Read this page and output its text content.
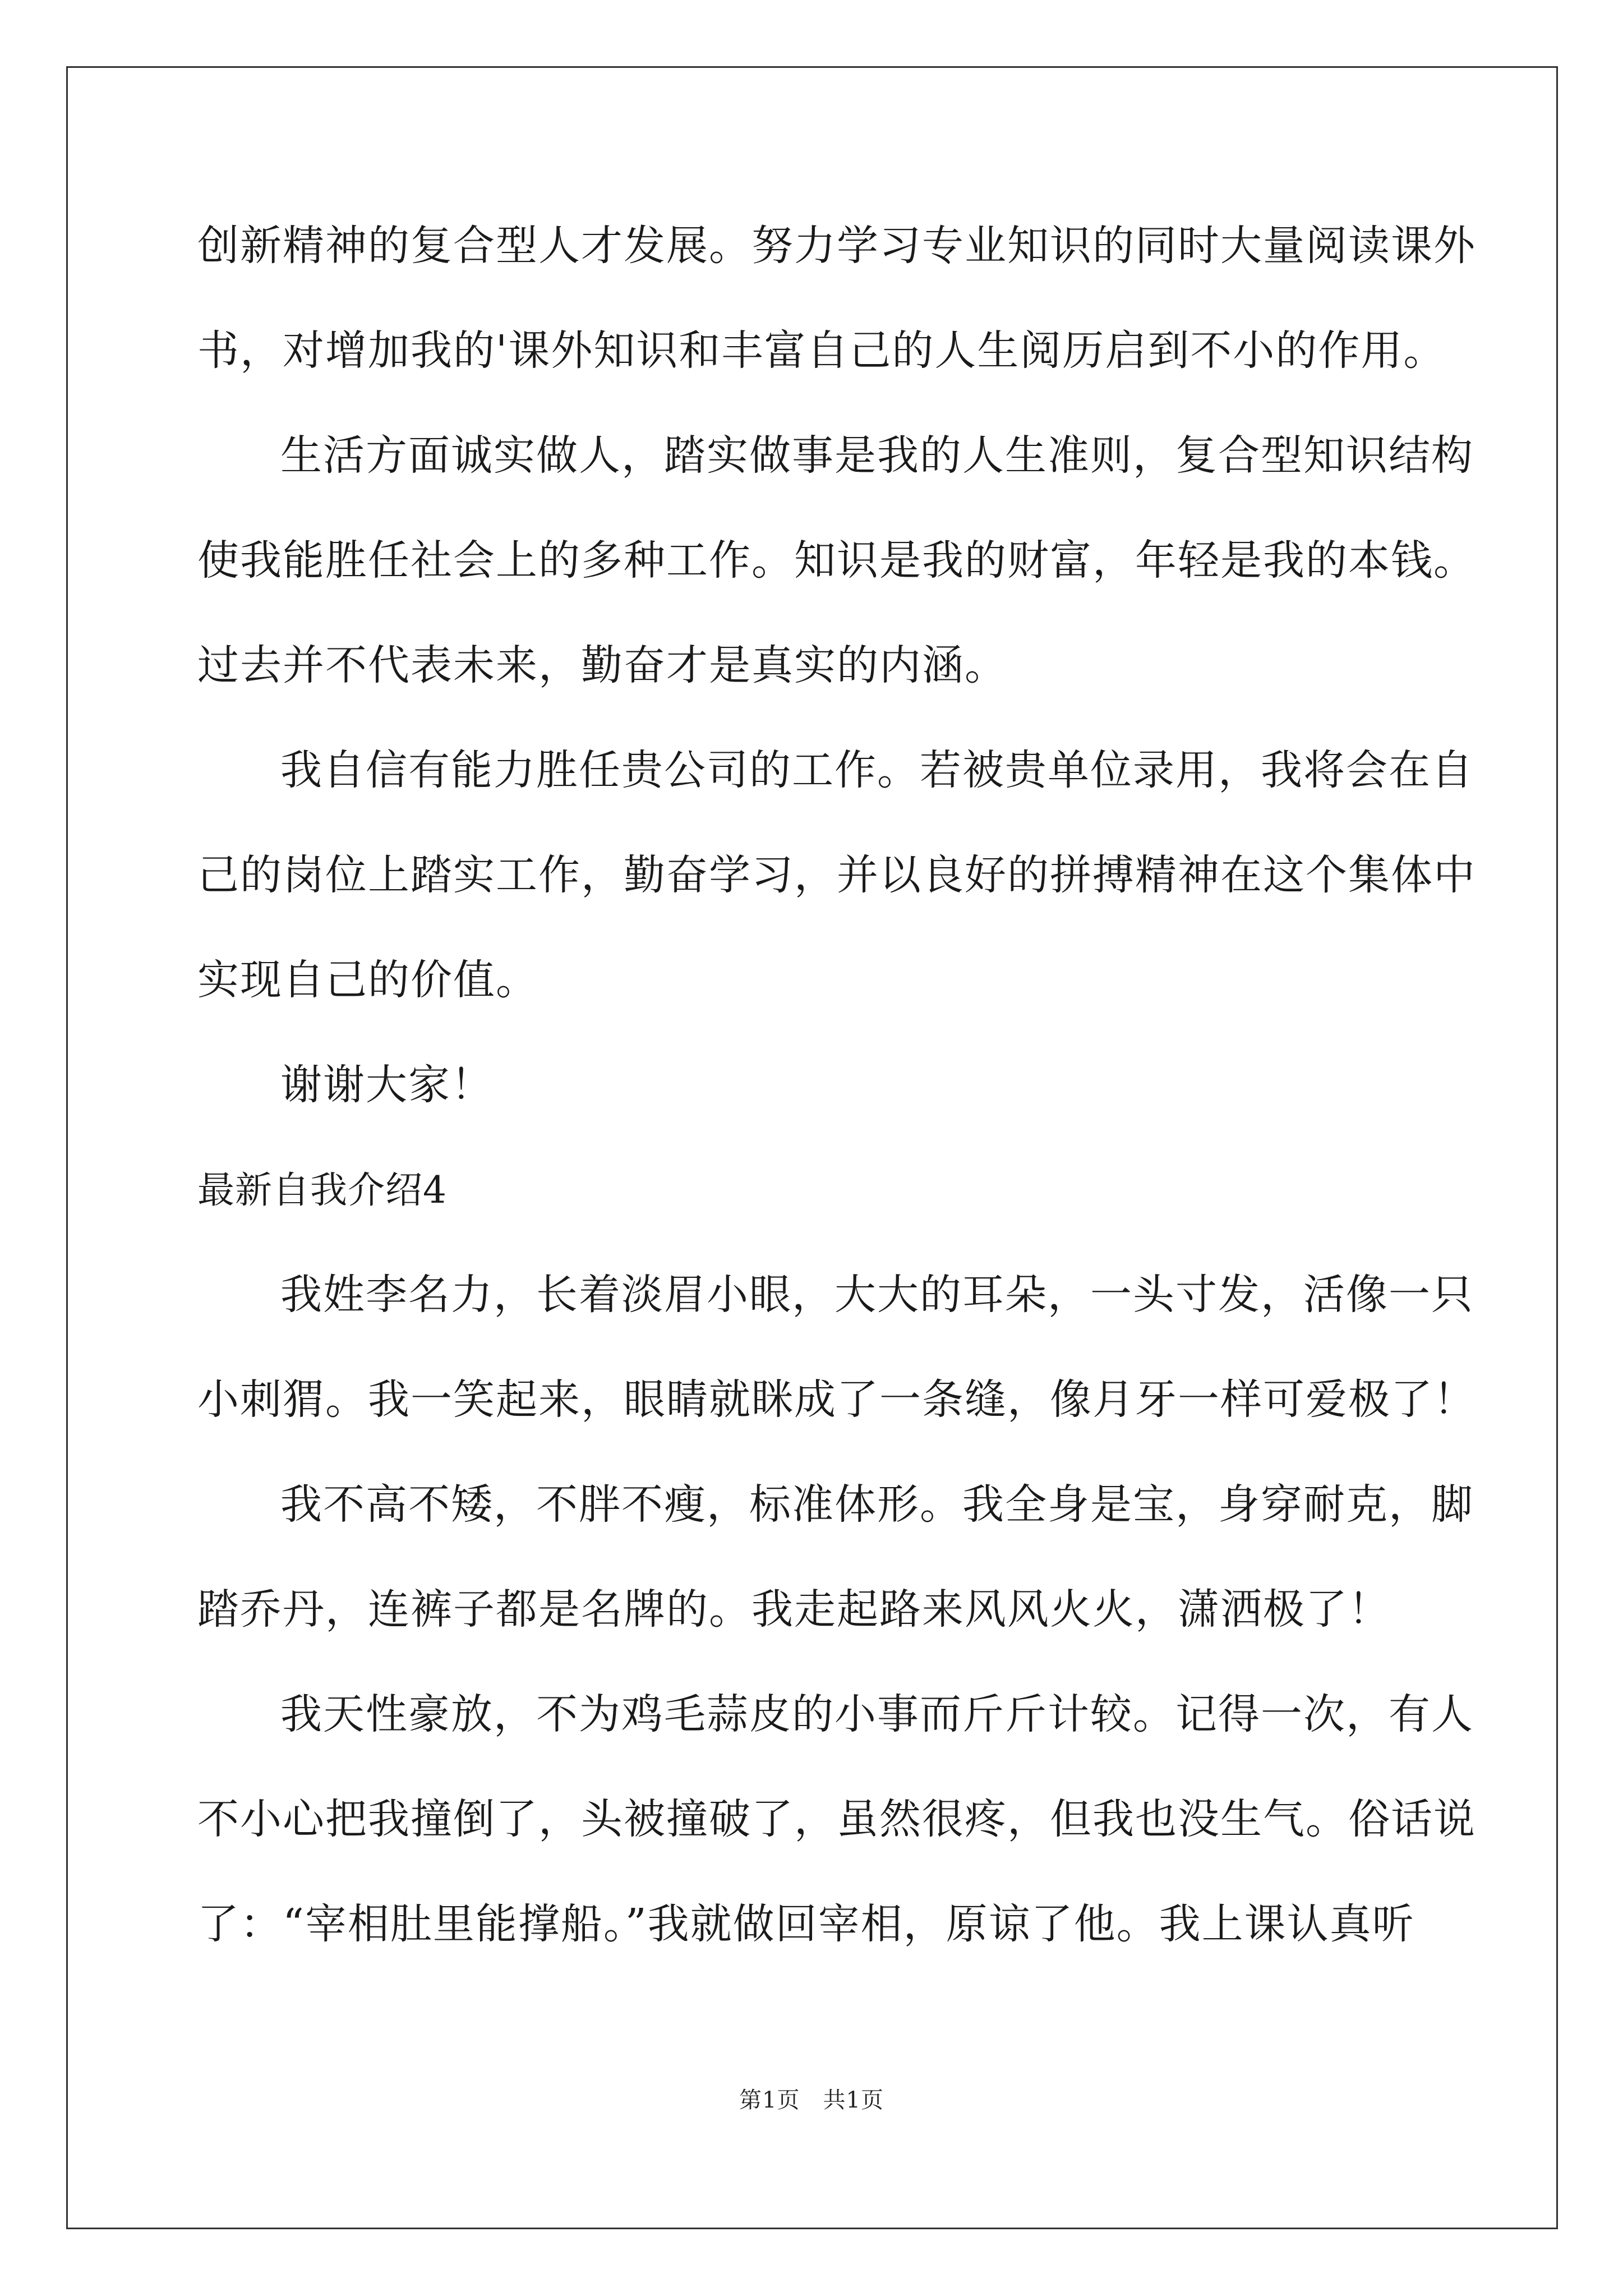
创新精神的复合型人才发展。努力学习专业知识的同时大量阅读课外
书，对增加我的'课外知识和丰富自己的人生阅历启到不小的作用。
生活方面诚实做人，踏实做事是我的人生准则，复合型知识结构
使我能胜任社会上的多种工作。知识是我的财富，年轻是我的本钱。
过去并不代表未来，勤奋才是真实的内涵。
我自信有能力胜任贵公司的工作。若被贵单位录用，我将会在自
己的岗位上踏实工作，勤奋学习，并以良好的拼搏精神在这个集体中
实现自己的价值。
谢谢大家！
最新自我介绍4
我姓李名力，长着淡眉小眼，大大的耳朵，一头寸发，活像一只
小刺猬。我一笑起来，眼睛就眯成了一条缝，像月牙一样可爱极了！
我不高不矮，不胖不瘦，标准体形。我全身是宝，身穿耐克，脚
踏乔丹，连裤子都是名牌的。我走起路来风风火火，潇洒极了！
我天性豪放，不为鸡毛蒜皮的小事而斤斤计较。记得一次，有人
不小心把我撞倒了，头被撞破了，虽然很疼，但我也没生气。俗话说
了：“宰相肚里能撑船。”我就做回宰相，原谅了他。我上课认真听
第1页　共1页
